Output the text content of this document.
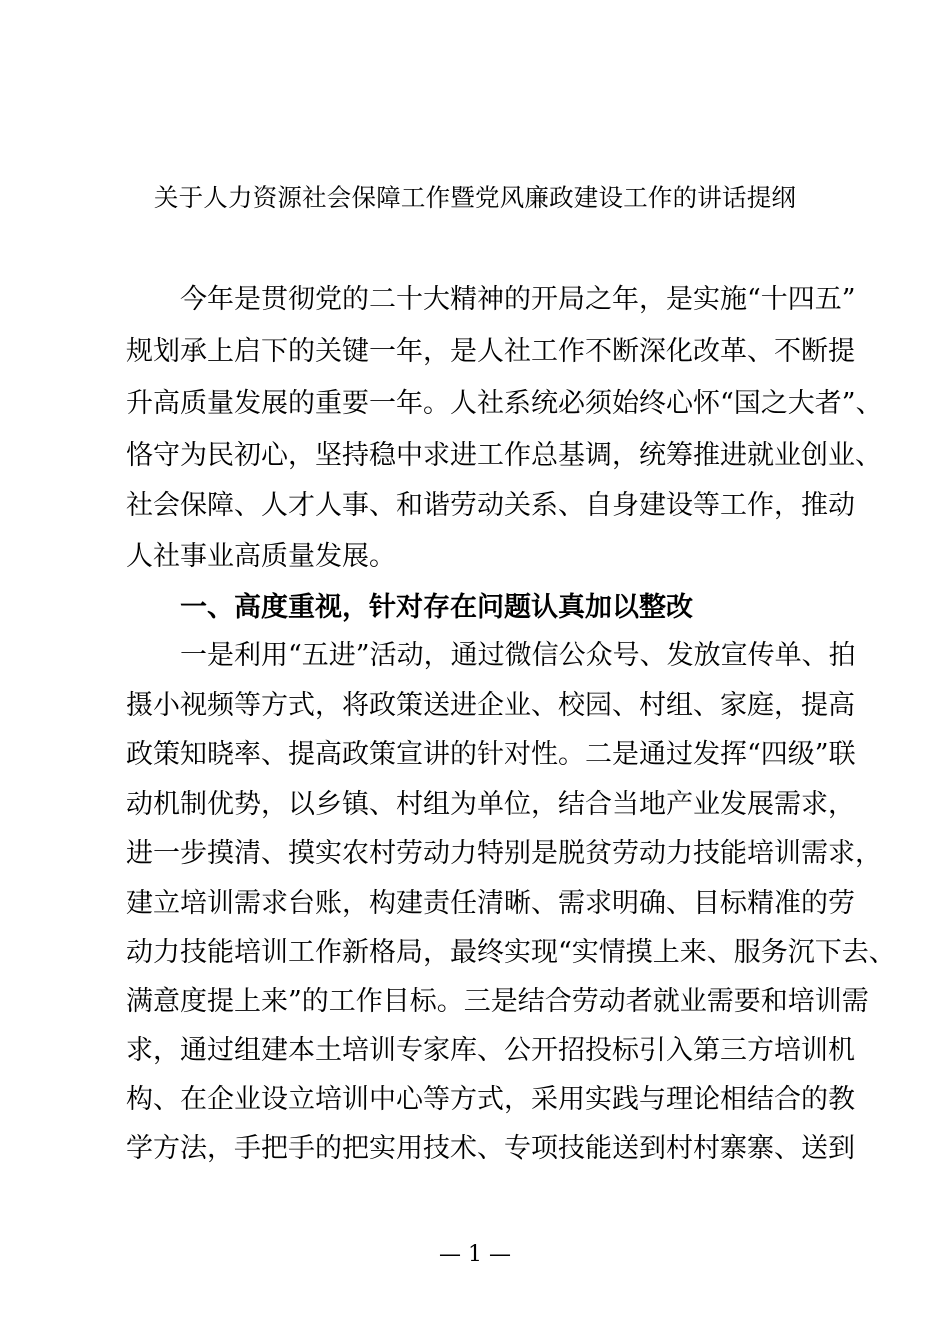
关于人力资源社会保障工作暨党风廉政建设工作的讲话提纲

今年是贯彻党的二十大精神的开局之年，是实施“十四五”

规划承上启下的关键一年，是人社工作不断深化改革、不断提

升高质量发展的重要一年。人社系统必须始终心怀“国之大者”、

恪守为民初心，坚持稳中求进工作总基调，统筹推进就业创业、

社会保障、人才人事、和谐劳动关系、自身建设等工作，推动

人社事业高质量发展。

一、高度重视，针对存在问题认真加以整改

一是利用“五进”活动，通过微信公众号、发放宣传单、拍

摄小视频等方式，将政策送进企业、校园、村组、家庭，提高

政策知晓率、提高政策宣讲的针对性。二是通过发挥“四级”联

动机制优势，以乡镇、村组为单位，结合当地产业发展需求，

进一步摸清、摸实农村劳动力特别是脱贫劳动力技能培训需求，

建立培训需求台账，构建责任清晰、需求明确、目标精准的劳

动力技能培训工作新格局，最终实现“实情摸上来、服务沉下去、

满意度提上来”的工作目标。三是结合劳动者就业需要和培训需

求，通过组建本土培训专家库、公开招投标引入第三方培训机

构、在企业设立培训中心等方式，采用实践与理论相结合的教

学方法，手把手的把实用技术、专项技能送到村村寨寨、送到

— 1 —
